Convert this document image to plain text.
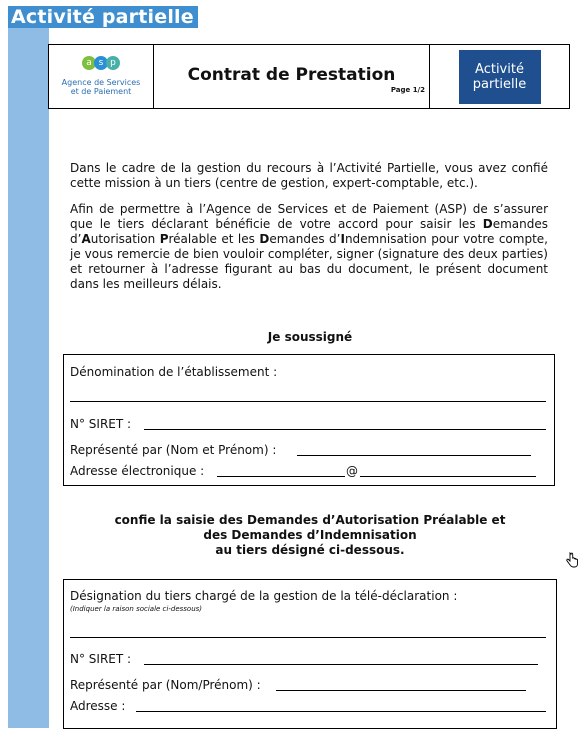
Activité partielle
a s p
Agence de Services
et de Paiement
Contrat de Prestation
Page 1/2
Activité
partielle
Dans le cadre de la gestion du recours à l’Activité Partielle, vous avez confié cette mission à un tiers (centre de gestion, expert-comptable, etc.).
Afin de permettre à l’Agence de Services et de Paiement (ASP) de s’assurer que le tiers déclarant bénéficie de votre accord pour saisir les Demandes d’Autorisation Préalable et les Demandes d’Indemnisation pour votre compte, je vous remercie de bien vouloir compléter, signer (signature des deux parties) et retourner à l’adresse figurant au bas du document, le présent document dans les meilleurs délais.
Je soussigné
Dénomination de l’établissement :
N° SIRET :
Représenté par (Nom et Prénom) :
Adresse électronique :	@
confie la saisie des Demandes d’Autorisation Préalable et
des Demandes d’Indemnisation
au tiers désigné ci-dessous.
Désignation du tiers chargé de la gestion de la télé-déclaration :
(Indiquer la raison sociale ci-dessous)
N° SIRET :
Représenté par (Nom/Prénom) :
Adresse :
